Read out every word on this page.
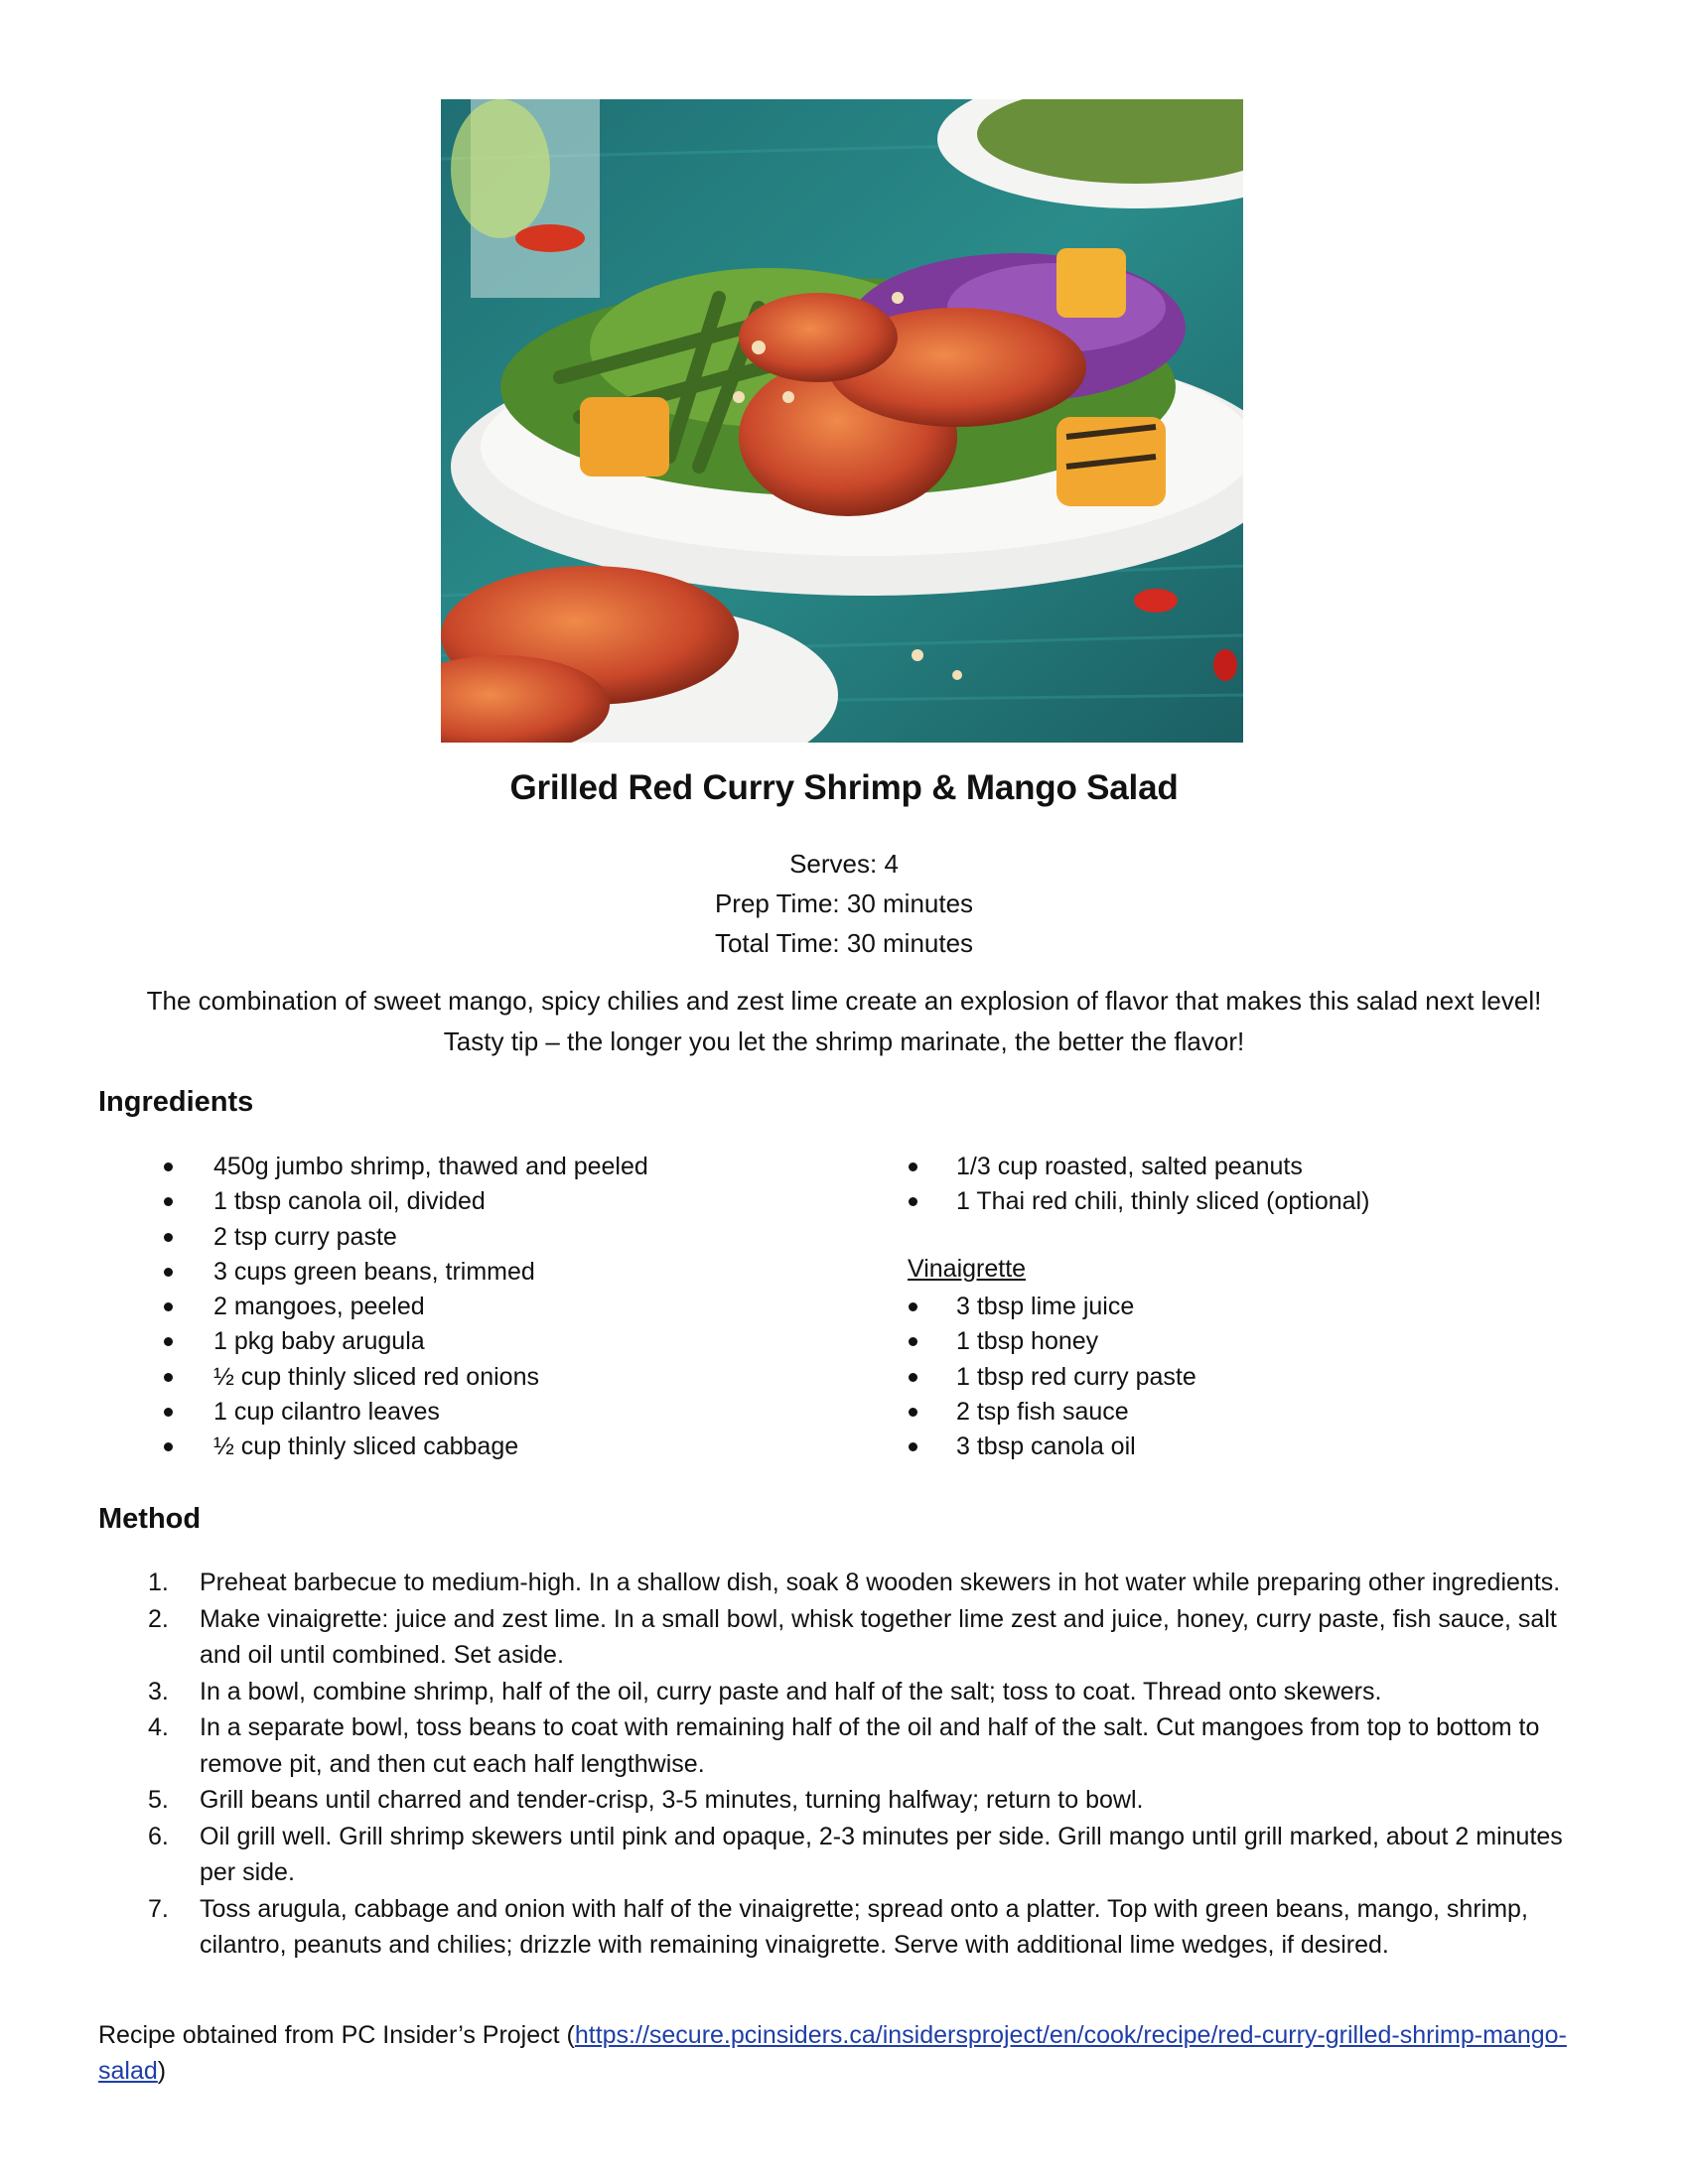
Grilled Red Curry Shrimp & Mango Salad
Serves: 4
Prep Time: 30 minutes
Total Time: 30 minutes
The combination of sweet mango, spicy chilies and zest lime create an explosion of flavor that makes this salad next level! Tasty tip – the longer you let the shrimp marinate, the better the flavor!
Ingredients
450g jumbo shrimp, thawed and peeled
1 tbsp canola oil, divided
2 tsp curry paste
3 cups green beans, trimmed
2 mangoes, peeled
1 pkg baby arugula
½ cup thinly sliced red onions
1 cup cilantro leaves
½ cup thinly sliced cabbage
1/3 cup roasted, salted peanuts
1 Thai red chili, thinly sliced (optional)
Vinaigrette
3 tbsp lime juice
1 tbsp honey
1 tbsp red curry paste
2 tsp fish sauce
3 tbsp canola oil
Method
1. Preheat barbecue to medium-high. In a shallow dish, soak 8 wooden skewers in hot water while preparing other ingredients.
2. Make vinaigrette: juice and zest lime. In a small bowl, whisk together lime zest and juice, honey, curry paste, fish sauce, salt and oil until combined. Set aside.
3. In a bowl, combine shrimp, half of the oil, curry paste and half of the salt; toss to coat. Thread onto skewers.
4. In a separate bowl, toss beans to coat with remaining half of the oil and half of the salt. Cut mangoes from top to bottom to remove pit, and then cut each half lengthwise.
5. Grill beans until charred and tender-crisp, 3-5 minutes, turning halfway; return to bowl.
6. Oil grill well. Grill shrimp skewers until pink and opaque, 2-3 minutes per side. Grill mango until grill marked, about 2 minutes per side.
7. Toss arugula, cabbage and onion with half of the vinaigrette; spread onto a platter. Top with green beans, mango, shrimp, cilantro, peanuts and chilies; drizzle with remaining vinaigrette. Serve with additional lime wedges, if desired.
Recipe obtained from PC Insider’s Project (https://secure.pcinsiders.ca/insidersproject/en/cook/recipe/red-curry-grilled-shrimp-mango-salad)
